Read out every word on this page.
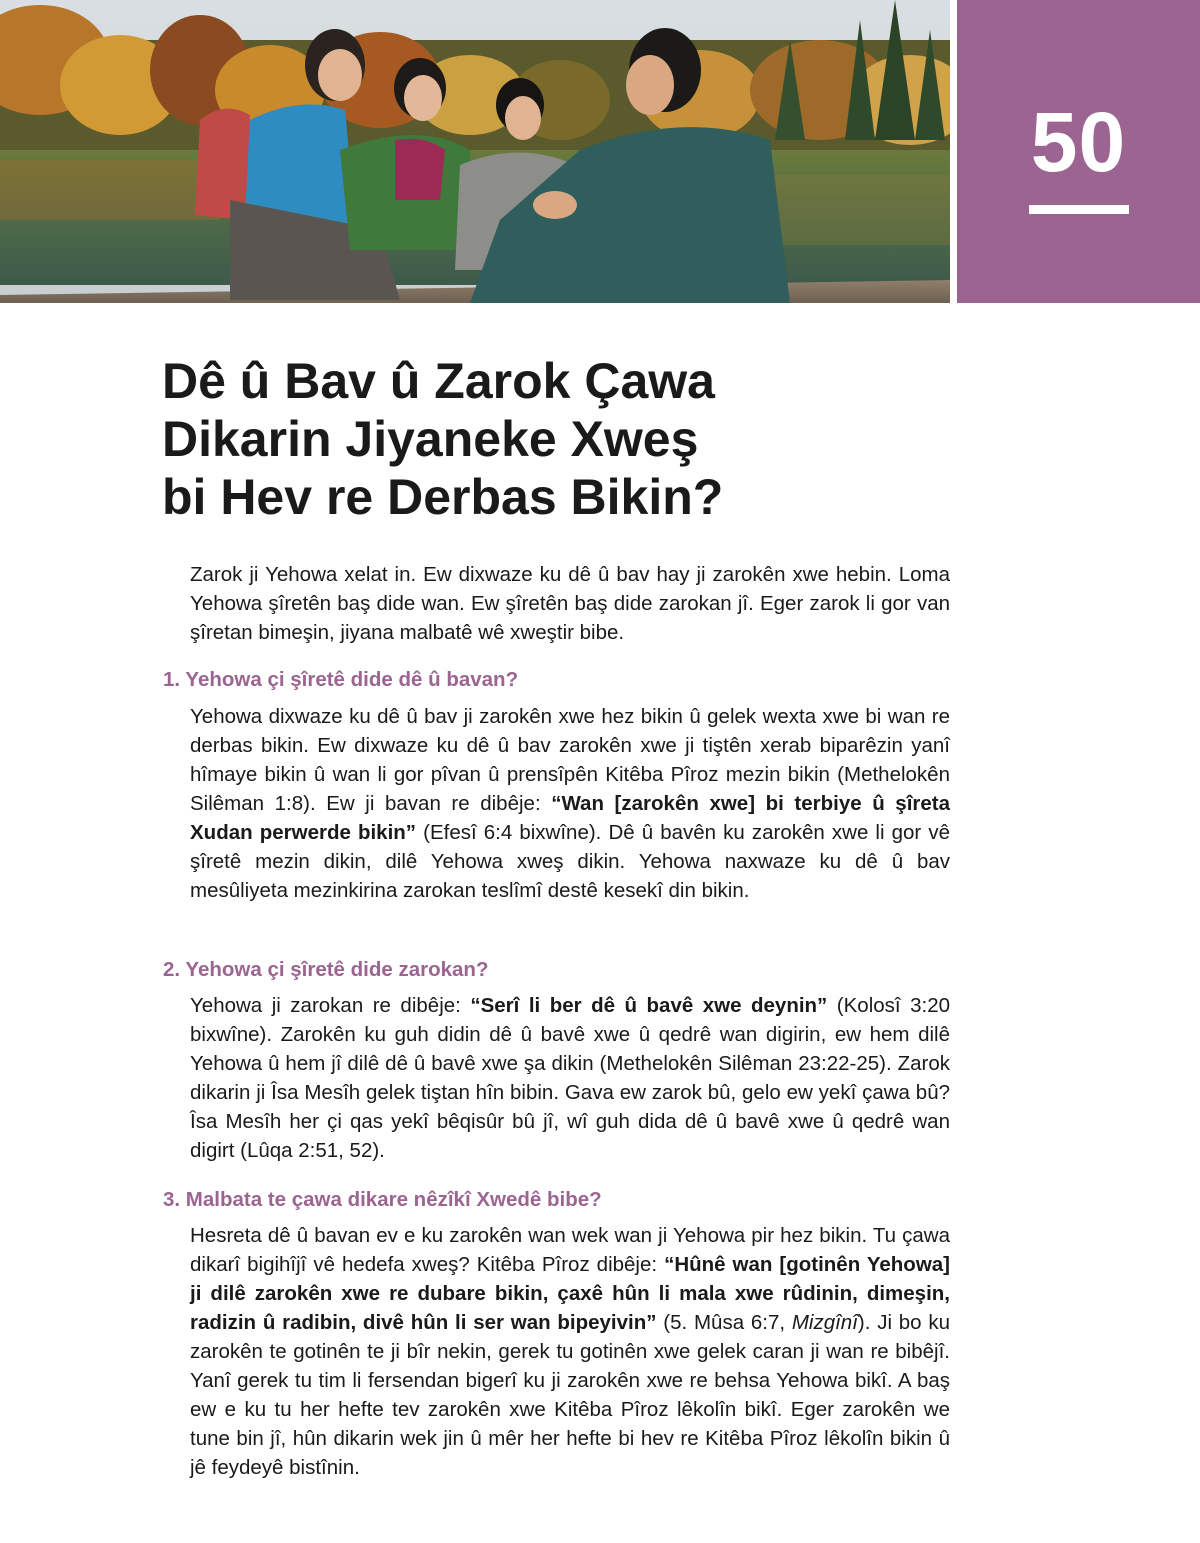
50
Dê û Bav û Zarok Çawa
Dikarin Jiyaneke Xweş
bi Hev re Derbas Bikin?

Zarok ji Yehowa xelat in. Ew dixwaze ku dê û bav hay ji zarokên xwe hebin. Loma Yehowa şîretên baş dide wan. Ew şîretên baş dide zarokan jî. Eger zarok li gor van şîretan bimeşin, jiyana malbatê wê xweştir bibe.

1. Yehowa çi şîretê dide dê û bavan?

Yehowa dixwaze ku dê û bav ji zarokên xwe hez bikin û gelek wexta xwe bi wan re derbas bikin. Ew dixwaze ku dê û bav zarokên xwe ji tiştên xerab biparêzin yanî hîmaye bikin û wan li gor pîvan û prensîpên Kitêba Pîroz mezin bikin (Methelokên Silêman 1:8). Ew ji bavan re dibêje: “Wan [zarokên xwe] bi terbiye û şîreta Xudan perwerde bikin” (Efesî 6:4 bixwîne). Dê û bavên ku zarokên xwe li gor vê şîretê mezin dikin, dilê Yehowa xweş dikin. Yehowa naxwaze ku dê û bav mesûliyeta mezinkirina zarokan teslîmî destê kesekî din bikin.

2. Yehowa çi şîretê dide zarokan?

Yehowa ji zarokan re dibêje: “Serî li ber dê û bavê xwe deynin” (Kolosî 3:20 bixwîne). Zarokên ku guh didin dê û bavê xwe û qedrê wan digirin, ew hem dilê Yehowa û hem jî dilê dê û bavê xwe şa dikin (Methelokên Silêman 23:22-25). Zarok dikarin ji Îsa Mesîh gelek tiştan hîn bibin. Gava ew zarok bû, gelo ew yekî çawa bû? Îsa Mesîh her çi qas yekî bêqisûr bû jî, wî guh dida dê û bavê xwe û qedrê wan digirt (Lûqa 2:51, 52).

3. Malbata te çawa dikare nêzîkî Xwedê bibe?

Hesreta dê û bavan ev e ku zarokên wan wek wan ji Yehowa pir hez bikin. Tu çawa dikarî bigihîjî vê hedefa xweş? Kitêba Pîroz dibêje: “Hûnê wan [gotinên Yehowa] ji dilê zarokên xwe re dubare bikin, çaxê hûn li mala xwe rûdinin, dimeşin, radizin û radibin, divê hûn li ser wan bipeyivin” (5. Mûsa 6:7, Mizgînî). Ji bo ku zarokên te gotinên te ji bîr nekin, gerek tu gotinên xwe gelek caran ji wan re bibêjî. Yanî gerek tu tim li fersendan bigerî ku ji zarokên xwe re behsa Yehowa bikî. A baş ew e ku tu her hefte tev zarokên xwe Kitêba Pîroz lêkolîn bikî. Eger zarokên we tune bin jî, hûn dikarin wek jin û mêr her hefte bi hev re Kitêba Pîroz lêkolîn bikin û jê feydeyê bistînin.
